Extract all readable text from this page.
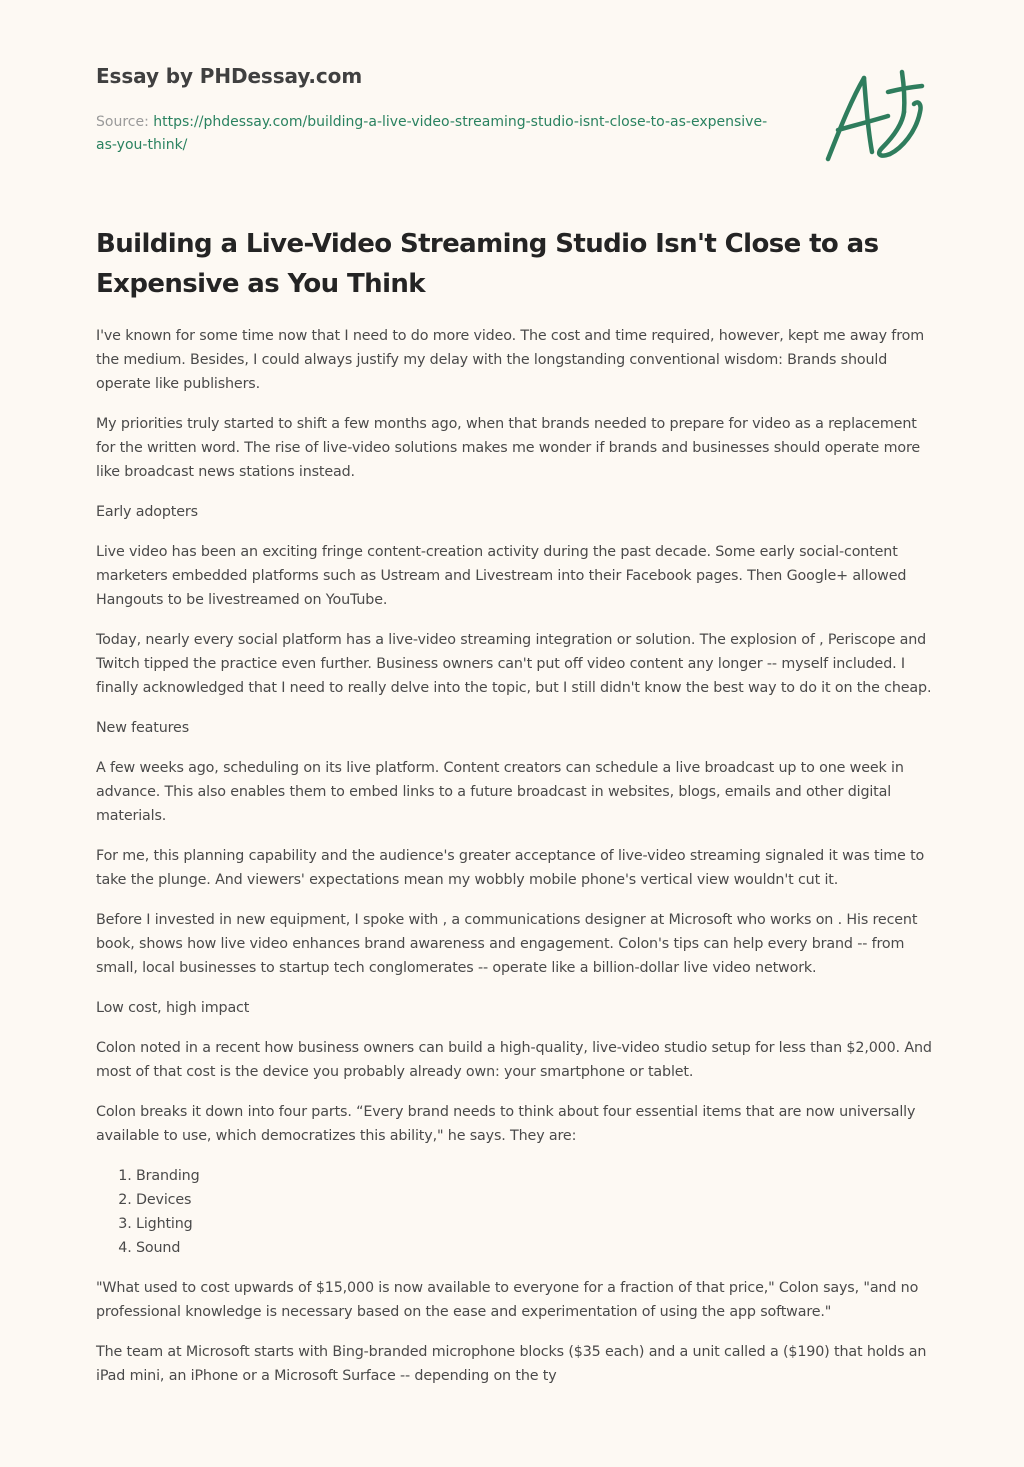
Essay by PHDessay.com
Source: https://phdessay.com/building-a-live-video-streaming-studio-isnt-close-to-as-expensive-as-you-think/
Building a Live-Video Streaming Studio Isn't Close to as Expensive as You Think

I've known for some time now that I need to do more video. The cost and time required, however, kept me away from the medium. Besides, I could always justify my delay with the longstanding conventional wisdom: Brands should operate like publishers.

My priorities truly started to shift a few months ago, when that brands needed to prepare for video as a replacement for the written word. The rise of live-video solutions makes me wonder if brands and businesses should operate more like broadcast news stations instead.

Early adopters

Live video has been an exciting fringe content-creation activity during the past decade. Some early social-content marketers embedded platforms such as Ustream and Livestream into their Facebook pages. Then Google+ allowed Hangouts to be livestreamed on YouTube.

Today, nearly every social platform has a live-video streaming integration or solution. The explosion of , Periscope and Twitch tipped the practice even further. Business owners can't put off video content any longer -- myself included. I finally acknowledged that I need to really delve into the topic, but I still didn't know the best way to do it on the cheap.

New features

A few weeks ago, scheduling on its live platform. Content creators can schedule a live broadcast up to one week in advance. This also enables them to embed links to a future broadcast in websites, blogs, emails and other digital materials.

For me, this planning capability and the audience's greater acceptance of live-video streaming signaled it was time to take the plunge. And viewers' expectations mean my wobbly mobile phone's vertical view wouldn't cut it.

Before I invested in new equipment, I spoke with , a communications designer at Microsoft who works on . His recent book, shows how live video enhances brand awareness and engagement. Colon's tips can help every brand -- from small, local businesses to startup tech conglomerates -- operate like a billion-dollar live video network.

Low cost, high impact

Colon noted in a recent how business owners can build a high-quality, live-video studio setup for less than $2,000. And most of that cost is the device you probably already own: your smartphone or tablet.

Colon breaks it down into four parts. “Every brand needs to think about four essential items that are now universally available to use, which democratizes this ability," he says. They are:

1. Branding
2. Devices
3. Lighting
4. Sound

"What used to cost upwards of $15,000 is now available to everyone for a fraction of that price," Colon says, "and no professional knowledge is necessary based on the ease and experimentation of using the app software."

The team at Microsoft starts with Bing-branded microphone blocks ($35 each) and a unit called a ($190) that holds an iPad mini, an iPhone or a Microsoft Surface -- depending on the ty
